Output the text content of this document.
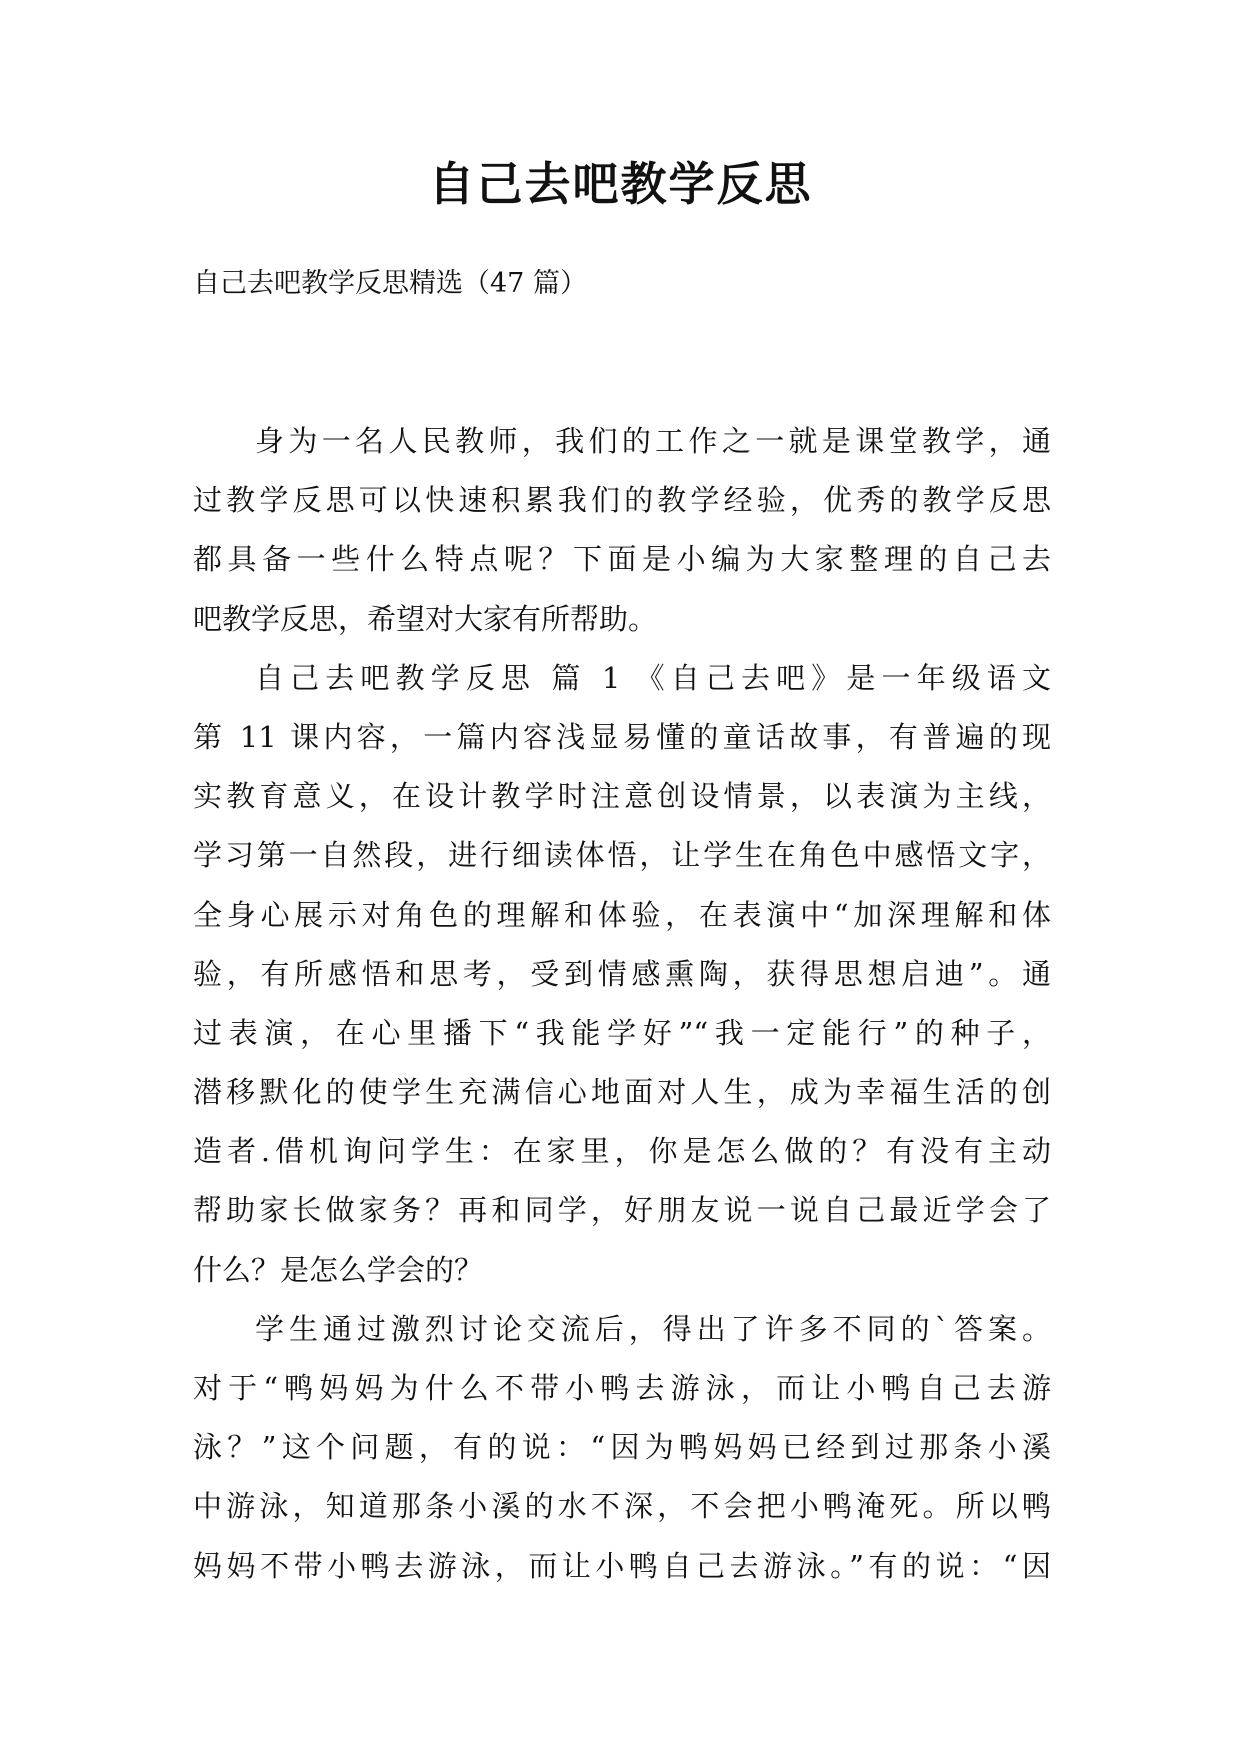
自己去吧教学反思

自己去吧教学反思精选（47 篇）

身为一名人民教师，我们的工作之一就是课堂教学，通
过教学反思可以快速积累我们的教学经验，优秀的教学反思
都具备一些什么特点呢？下面是小编为大家整理的自己去
吧教学反思，希望对大家有所帮助。
自己去吧教学反思 篇 1 《自己去吧》是一年级语文
第 11 课内容，一篇内容浅显易懂的童话故事，有普遍的现
实教育意义，在设计教学时注意创设情景，以表演为主线，
学习第一自然段，进行细读体悟，让学生在角色中感悟文字，
全身心展示对角色的理解和体验，在表演中“加深理解和体
验，有所感悟和思考，受到情感熏陶，获得思想启迪”。通
过表演，在心里播下“我能学好”“我一定能行”的种子，
潜移默化的使学生充满信心地面对人生，成为幸福生活的创
造者.借机询问学生：在家里，你是怎么做的？有没有主动
帮助家长做家务？再和同学，好朋友说一说自己最近学会了
什么？是怎么学会的？
学生通过激烈讨论交流后，得出了许多不同的`答案。
对于“鸭妈妈为什么不带小鸭去游泳，而让小鸭自己去游
泳？”这个问题，有的说：“因为鸭妈妈已经到过那条小溪
中游泳，知道那条小溪的水不深，不会把小鸭淹死。所以鸭
妈妈不带小鸭去游泳，而让小鸭自己去游泳。”有的说：“因
